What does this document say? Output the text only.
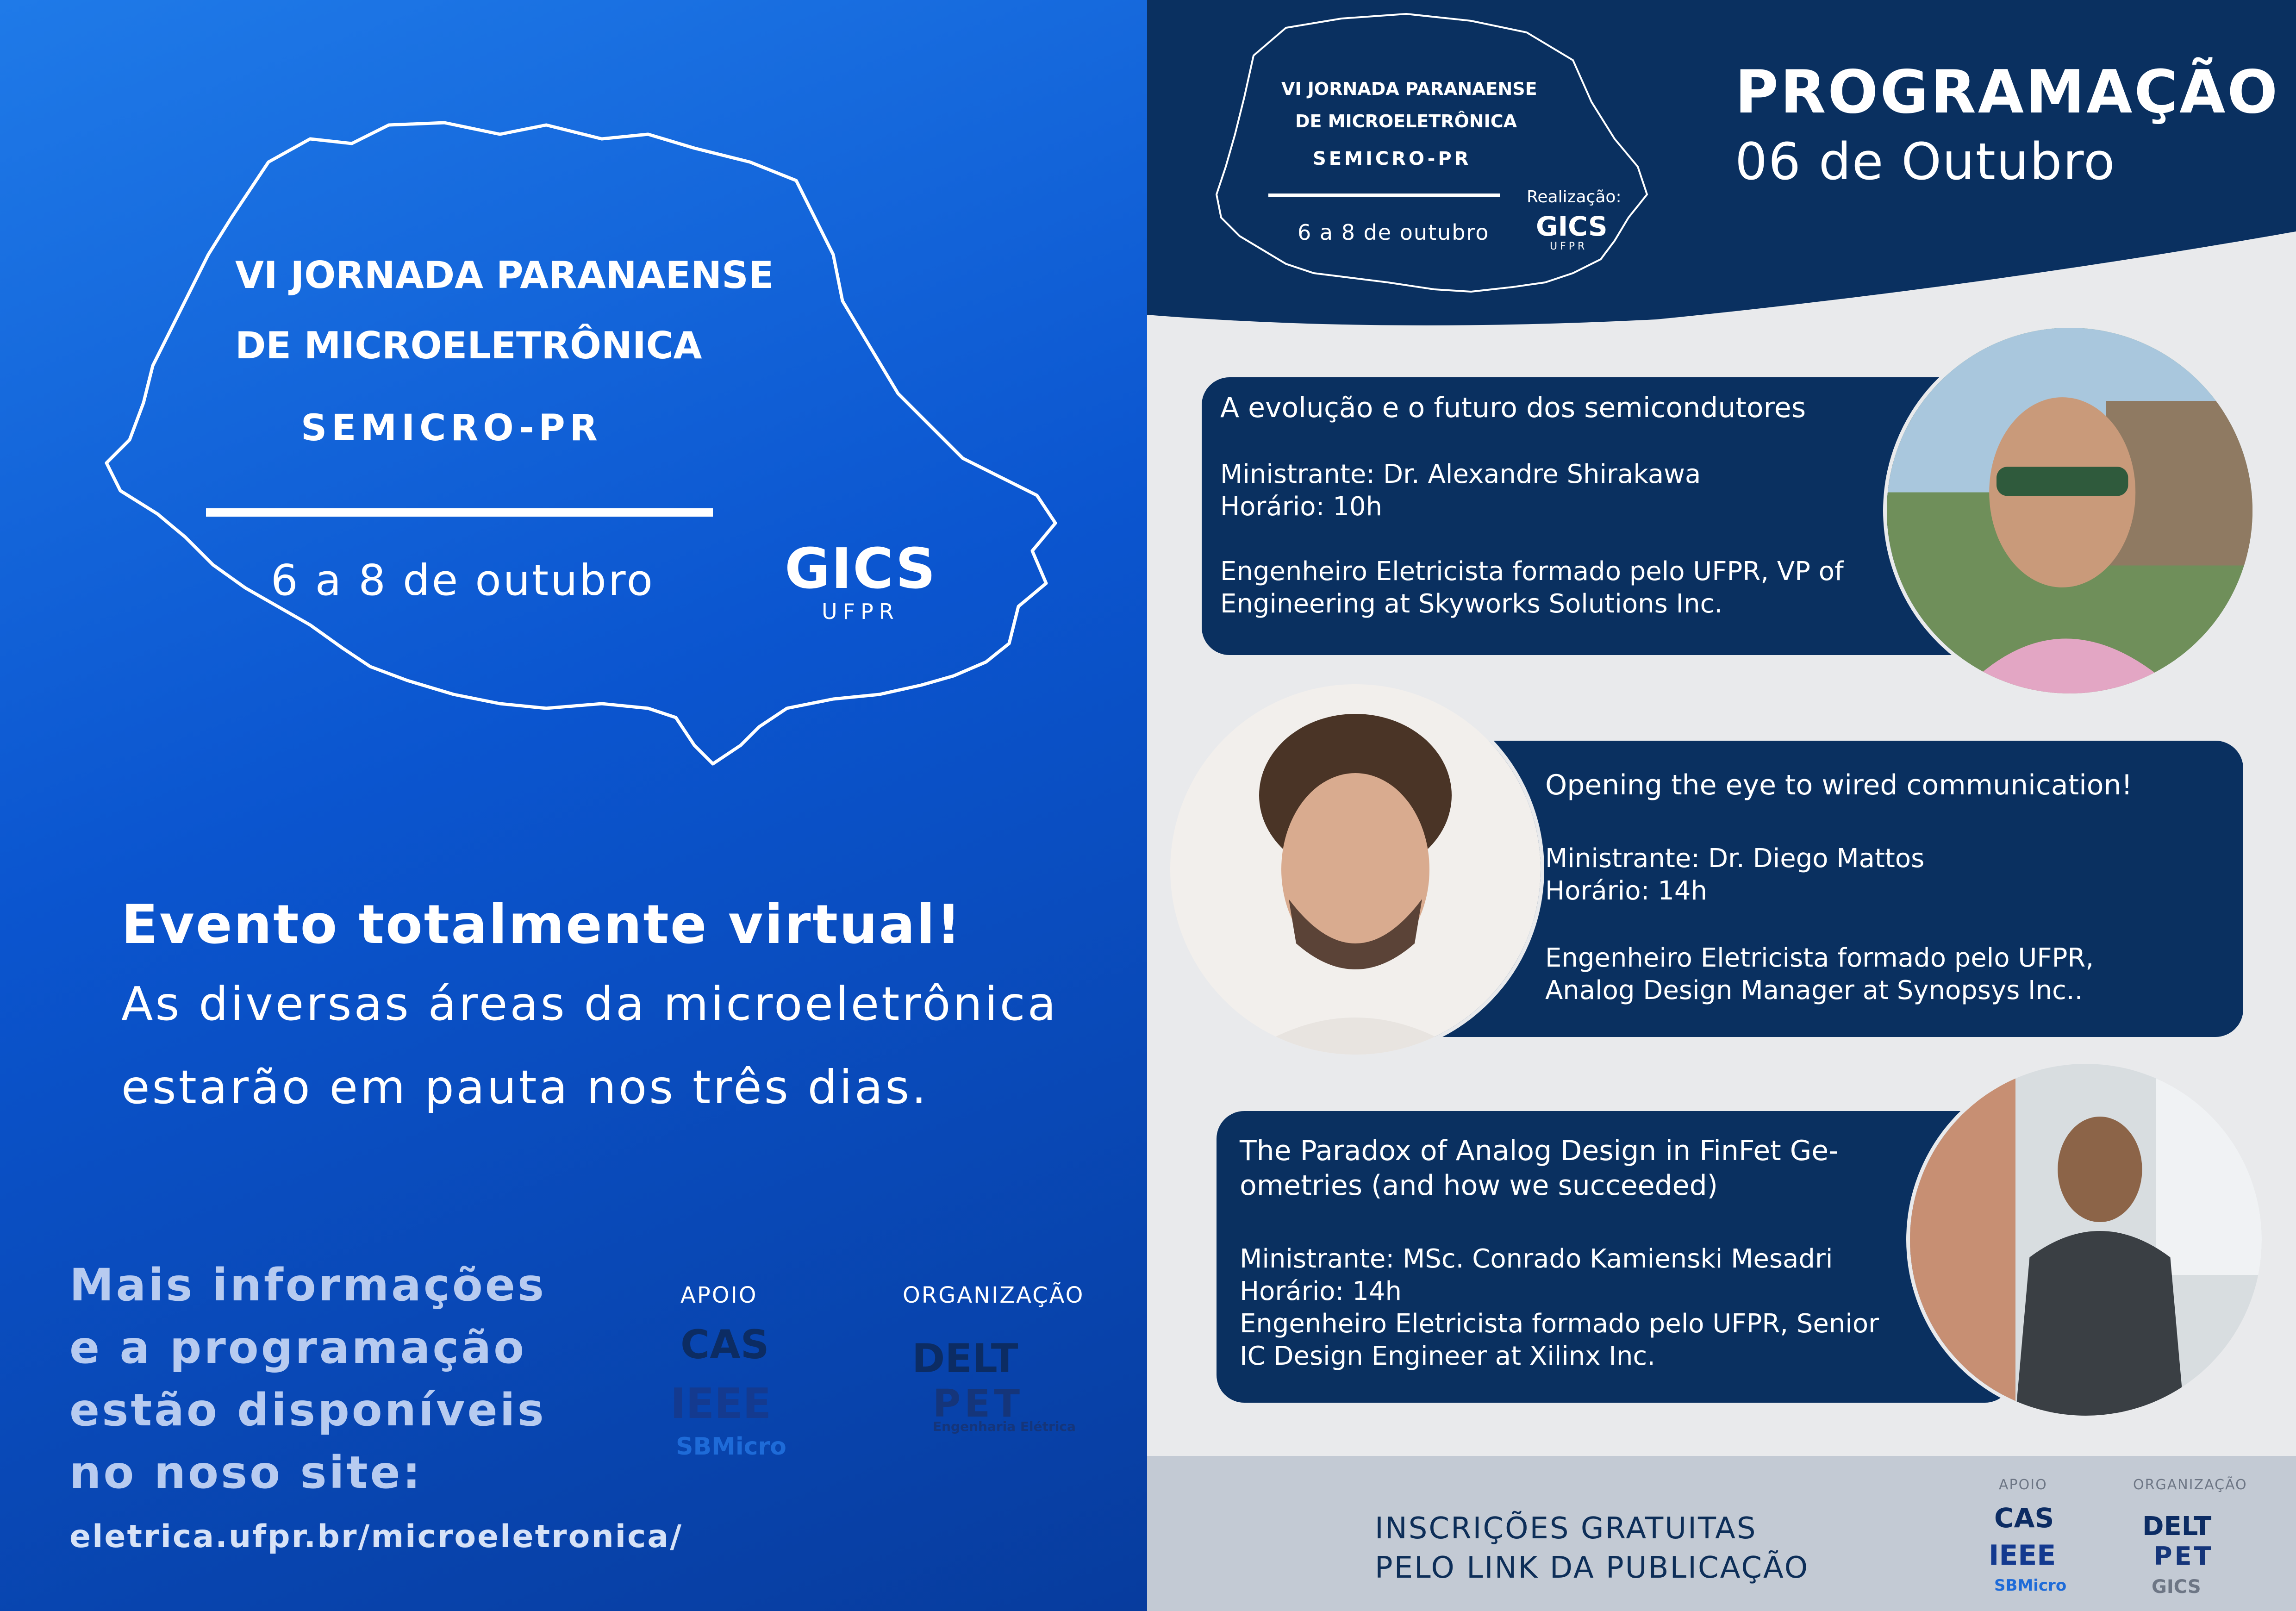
VI JORNADA PARANAENSE
DE MICROELETRÔNICA
SEMICRO-PR
6 a 8 de outubro GICS
UFPR
Evento totalmente virtual!
As diversas áreas da microeletrônica
estarão em pauta nos três dias.
Mais informações
e a programação
estão disponíveis
no noso site:
eletrica.ufpr.br/microeletronica/
APOIO	ORGANIZAÇÃO
CAS
IEEE
SBMicro
DELT
PET
Engenharia Elétrica
VI JORNADA PARANAENSE
DE MICROELETRÔNICA
SEMICRO-PR
6 a 8 de outubro
Realização:
GICS
UFPR
PROGRAMAÇÃO
06 de Outubro
A evolução e o futuro dos semicondutores
Ministrante: Dr. Alexandre Shirakawa
Horário: 10h
Engenheiro Eletricista formado pelo UFPR, VP of
Engineering at Skyworks Solutions Inc.
Opening the eye to wired communication!
Ministrante: Dr. Diego Mattos
Horário: 14h
Engenheiro Eletricista formado pelo UFPR,
Analog Design Manager at Synopsys Inc..
The Paradox of Analog Design in FinFet Ge-
ometries (and how we succeeded)
Ministrante: MSc. Conrado Kamienski Mesadri
Horário: 14h
Engenheiro Eletricista formado pelo UFPR, Senior
IC Design Engineer at Xilinx Inc.
INSCRIÇÕES GRATUITAS
PELO LINK DA PUBLICAÇÃO
APOIO	ORGANIZAÇÃO
CAS
IEEE
SBMicro
DELT
PET
GICS
